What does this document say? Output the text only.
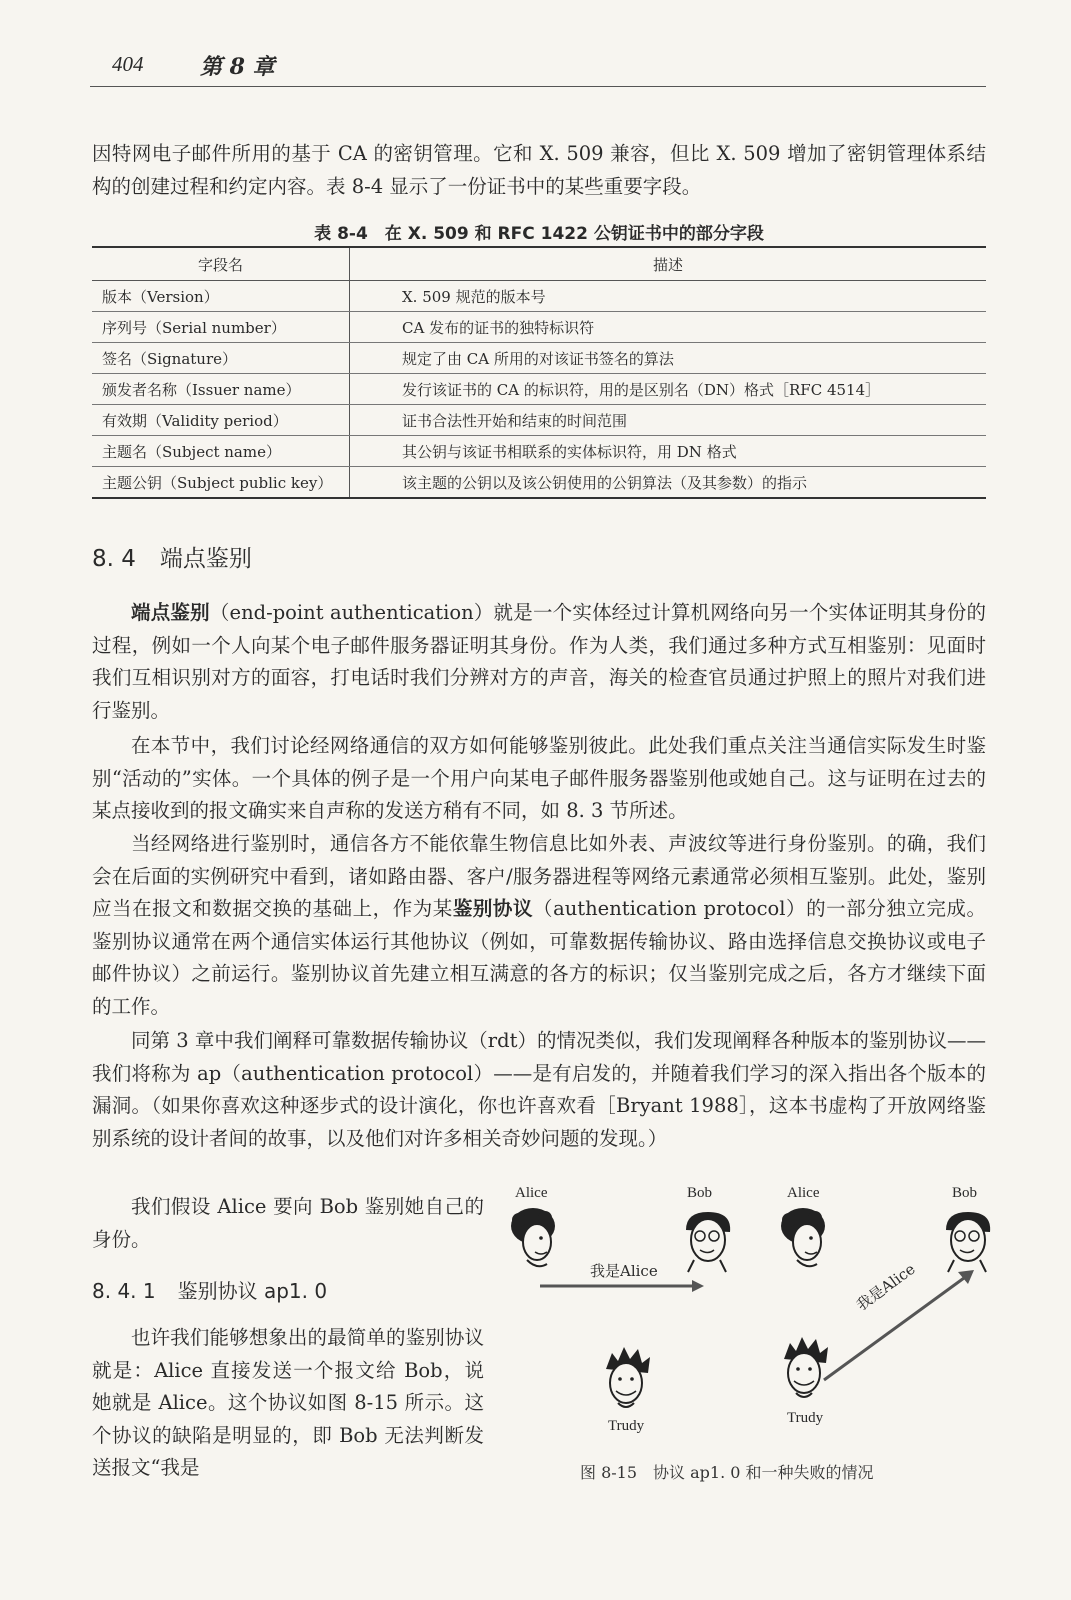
404	第 8 章

因特网电子邮件所用的基于 CA 的密钥管理。它和 X. 509 兼容，但比 X. 509 增加了密钥管理体系结构的创建过程和约定内容。表 8-4 显示了一份证书中的某些重要字段。

表 8-4　在 X. 509 和 RFC 1422 公钥证书中的部分字段
字段名	描述
版本（Version）	X. 509 规范的版本号
序列号（Serial number）	CA 发布的证书的独特标识符
签名（Signature）	规定了由 CA 所用的对该证书签名的算法
颁发者名称（Issuer name）	发行该证书的 CA 的标识符，用的是区别名（DN）格式［RFC 4514］
有效期（Validity period）	证书合法性开始和结束的时间范围
主题名（Subject name）	其公钥与该证书相联系的实体标识符，用 DN 格式
主题公钥（Subject public key）	该主题的公钥以及该公钥使用的公钥算法（及其参数）的指示
8. 4 端点鉴别

端点鉴别（end-point authentication）就是一个实体经过计算机网络向另一个实体证明其身份的过程，例如一个人向某个电子邮件服务器证明其身份。作为人类，我们通过多种方式互相鉴别：见面时我们互相识别对方的面容，打电话时我们分辨对方的声音，海关的检查官员通过护照上的照片对我们进行鉴别。

在本节中，我们讨论经网络通信的双方如何能够鉴别彼此。此处我们重点关注当通信实际发生时鉴别“活动的”实体。一个具体的例子是一个用户向某电子邮件服务器鉴别他或她自己。这与证明在过去的某点接收到的报文确实来自声称的发送方稍有不同，如 8. 3 节所述。

当经网络进行鉴别时，通信各方不能依靠生物信息比如外表、声波纹等进行身份鉴别。的确，我们会在后面的实例研究中看到，诸如路由器、客户/服务器进程等网络元素通常必须相互鉴别。此处，鉴别应当在报文和数据交换的基础上，作为某鉴别协议（authentication protocol）的一部分独立完成。鉴别协议通常在两个通信实体运行其他协议（例如，可靠数据传输协议、路由选择信息交换协议或电子邮件协议）之前运行。鉴别协议首先建立相互满意的各方的标识；仅当鉴别完成之后，各方才继续下面的工作。

同第 3 章中我们阐释可靠数据传输协议（rdt）的情况类似，我们发现阐释各种版本的鉴别协议——我们将称为 ap（authentication protocol）——是有启发的，并随着我们学习的深入指出各个版本的漏洞。（如果你喜欢这种逐步式的设计演化，你也许喜欢看［Bryant 1988］，这本书虚构了开放网络鉴别系统的设计者间的故事，以及他们对许多相关奇妙问题的发现。）

我们假设 Alice 要向 Bob 鉴别她自己的身份。

8. 4. 1 鉴别协议 ap1. 0

也许我们能够想象出的最简单的鉴别协议就是：Alice 直接发送一个报文给 Bob，说她就是 Alice。这个协议如图 8-15 所示。这个协议的缺陷是明显的，即 Bob 无法判断发送报文“我是

Alice	Bob	Alice	Bob
我是Alice	我是Alice
Trudy	Trudy
图 8-15　协议 ap1. 0 和一种失败的情况
